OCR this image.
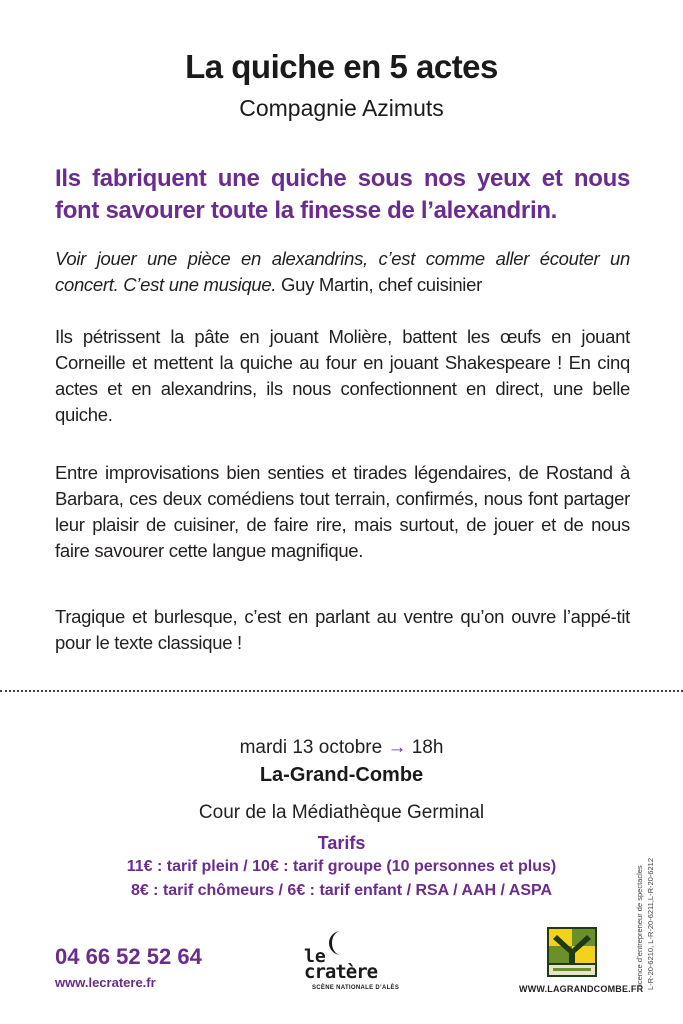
La quiche en 5 actes
Compagnie Azimuts
Ils fabriquent une quiche sous nos yeux et nous font savourer toute la finesse de l’alexandrin.
Voir jouer une pièce en alexandrins, c’est comme aller écouter un concert. C’est une musique. Guy Martin, chef cuisinier
Ils pétrissent la pâte en jouant Molière, battent les œufs en jouant Corneille et mettent la quiche au four en jouant Shakespeare ! En cinq actes et en alexandrins, ils nous confectionnent en direct, une belle quiche.
Entre improvisations bien senties et tirades légendaires, de Rostand à Barbara, ces deux comédiens tout terrain, confirmés, nous font partager leur plaisir de cuisiner, de faire rire, mais surtout, de jouer et de nous faire savourer cette langue magnifique.
Tragique et burlesque, c’est en parlant au ventre qu’on ouvre l’appé-tit pour le texte classique !
mardi 13 octobre → 18h
La-Grand-Combe
Cour de la Médiathèque Germinal
Tarifs
11€ : tarif plein / 10€ : tarif groupe (10 personnes et plus)
8€ : tarif chômeurs / 6€ : tarif enfant / RSA / AAH / ASPA
04 66 52 52 64
www.lecratere.fr
le
cratère
SCÈNE NATIONALE D’ALÈS	WWW.LAGRANDCOMBE.FR
Licence d’entrepreneur de spectacles L-R-20-6210, L-R-20-6211,L-R-20-6212
